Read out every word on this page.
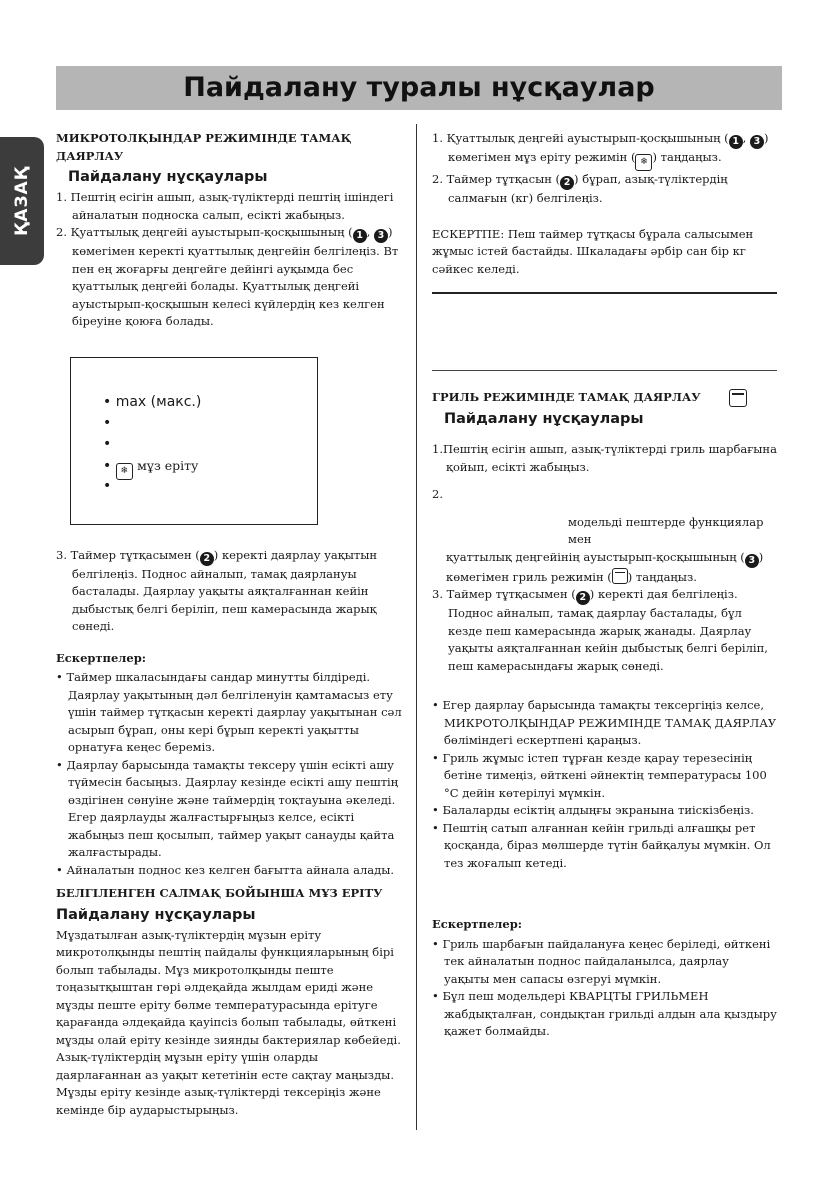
Пайдалану туралы нұсқаулар
ҚАЗАҚ

МИКРОТОЛҚЫНДАР РЕЖИМІНДЕ ТАМАҚ ДАЯРЛАУ

Пайдалану нұсқаулары

1. Пештің есігін ашып, азық-түліктерді пештің ішіндегі айналатын подноска салып, есікті жабыңыз.

2. Қуаттылық деңгейі ауыстырып-қосқышының ( 1 , 3 ) көмегімен керекті қуаттылық деңгейін белгілеңіз. Вт пен ең жоғарғы деңгейге дейінгі ауқымда бес қуаттылық деңгейі болады. Қуаттылық деңгейі ауыстырып-қосқышын келесі күйлердің кез келген біреуіне қоюға болады.

• max (макс.)
•
•
• ❄ мұз еріту
•

3. Таймер тұтқасымен ( 2 ) керекті даярлау уақытын белгілеңіз. Поднос айналып, тамақ даярлануы басталады. Даярлау уақыты аяқталғаннан кейін дыбыстық белгі беріліп, пеш камерасында жарық сөнеді.

Ескертпелер:

• Таймер шкаласындағы сандар минутты білдіреді. Даярлау уақытының дәл белгіленуін қамтамасыз ету үшін таймер тұтқасын керекті даярлау уақытынан сәл асырып бұрап, оны кері бұрып керекті уақытты орнатуға кеңес береміз.

• Даярлау барысында тамақты тексеру үшін есікті ашу түймесін басыңыз. Даярлау кезінде есікті ашу пештің өздігінен сөнуіне және таймердің тоқтауына әкеледі. Егер даярлауды жалғастырғыңыз келсе, есікті жабыңыз пеш қосылып, таймер уақыт санауды қайта жалғастырады.

• Айналатын поднос кез келген бағытта айнала алады.

БЕЛГІЛЕНГЕН САЛМАҚ БОЙЫНША МҰЗ ЕРІТУ

Пайдалану нұсқаулары

Мұздатылған азық-түліктердің мұзын еріту микротолқынды пештің пайдалы функцияларының бірі болып табылады. Мұз микротолқынды пеште тоңазытқыштан гөрі әлдеқайда жылдам ериді және мұзды пеште еріту бөлме температурасында ерітуге қарағанда әлдеқайда қауіпсіз болып табылады, өйткені мұзды олай еріту кезінде зиянды бактериялар көбейеді.

Азық-түліктердің мұзын еріту үшін оларды даярлағаннан аз уақыт кететінін есте сақтау маңызды. Мұзды еріту кезінде азық-түліктерді тексеріңіз және кемінде бір аударыстырыңыз.

1. Қуаттылық деңгейі ауыстырып-қосқышының ( 1 , 3 ) көмегімен мұз еріту режимін ( ❄ ) таңдаңыз.

2. Таймер тұтқасын ( 2 ) бұрап, азық-түліктердің салмағын (кг) белгілеңіз.

ЕСКЕРТПЕ: Пеш таймер тұтқасы бұрала салысымен жұмыс істей бастайды. Шкаладағы әрбір сан бір кг сәйкес келеді.

ГРИЛЬ РЕЖИМІНДЕ ТАМАҚ ДАЯРЛАУ

Пайдалану нұсқаулары

1.Пештің есігін ашып, азық-түліктерді гриль шарбағына қойып, есікті жабыңыз.

2.

модельді пештерде функциялар мен

қуаттылық деңгейінің ауыстырып-қосқышының ( 3 ) көмегімен гриль режимін ( ) таңдаңыз.

3. Таймер тұтқасымен ( 2 ) керекті дая белгілеңіз. Поднос айналып, тамақ даярлау басталады, бұл кезде пеш камерасында жарық жанады. Даярлау уақыты аяқталғаннан кейін дыбыстық белгі беріліп, пеш камерасындағы жарық сөнеді.

• Егер даярлау барысында тамақты тексергіңіз келсе, МИКРОТОЛҚЫНДАР РЕЖИМІНДЕ ТАМАҚ ДАЯРЛАУ бөліміндегі ескертпені қараңыз.

• Гриль жұмыс істеп тұрған кезде қарау терезесінің бетіне тимеңіз, өйткені әйнектің температурасы 100 °С дейін көтерілуі мүмкін.

• Балаларды есіктің алдыңғы экранына тиіскізбеңіз.

• Пештің сатып алғаннан кейін грильді алғашқы рет қосқанда, біраз мөлшерде түтін байқалуы мүмкін. Ол тез жоғалып кетеді.

Ескертпелер:

• Гриль шарбағын пайдалануға кеңес беріледі, өйткені тек айналатын поднос пайдаланылса, даярлау уақыты мен сапасы өзгеруі мүмкін.

• Бұл пеш модельдері КВАРЦТЫ ГРИЛЬМЕН жабдықталған, сондықтан грильді алдын ала қыздыру қажет болмайды.
